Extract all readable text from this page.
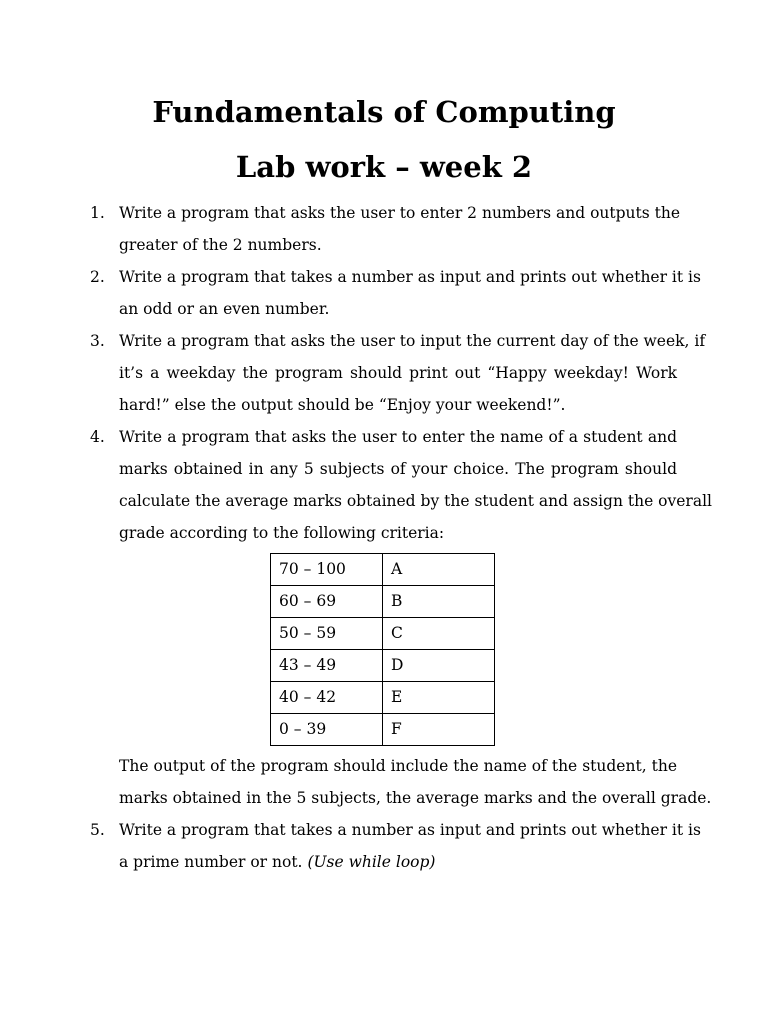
Fundamentals of Computing
Lab work – week 2
1. Write a program that asks the user to enter 2 numbers and outputs the
greater of the 2 numbers.
2. Write a program that takes a number as input and prints out whether it is
an odd or an even number.
3. Write a program that asks the user to input the current day of the week, if
it’s a weekday the program should print out “Happy weekday! Work
hard!” else the output should be “Enjoy your weekend!”.
4. Write a program that asks the user to enter the name of a student and
marks obtained in any 5 subjects of your choice. The program should
calculate the average marks obtained by the student and assign the overall
grade according to the following criteria:
70 – 100	A
60 – 69	B
50 – 59	C
43 – 49	D
40 – 42	E
0 – 39	F
The output of the program should include the name of the student, the
marks obtained in the 5 subjects, the average marks and the overall grade.
5. Write a program that takes a number as input and prints out whether it is
a prime number or not. (Use while loop)
